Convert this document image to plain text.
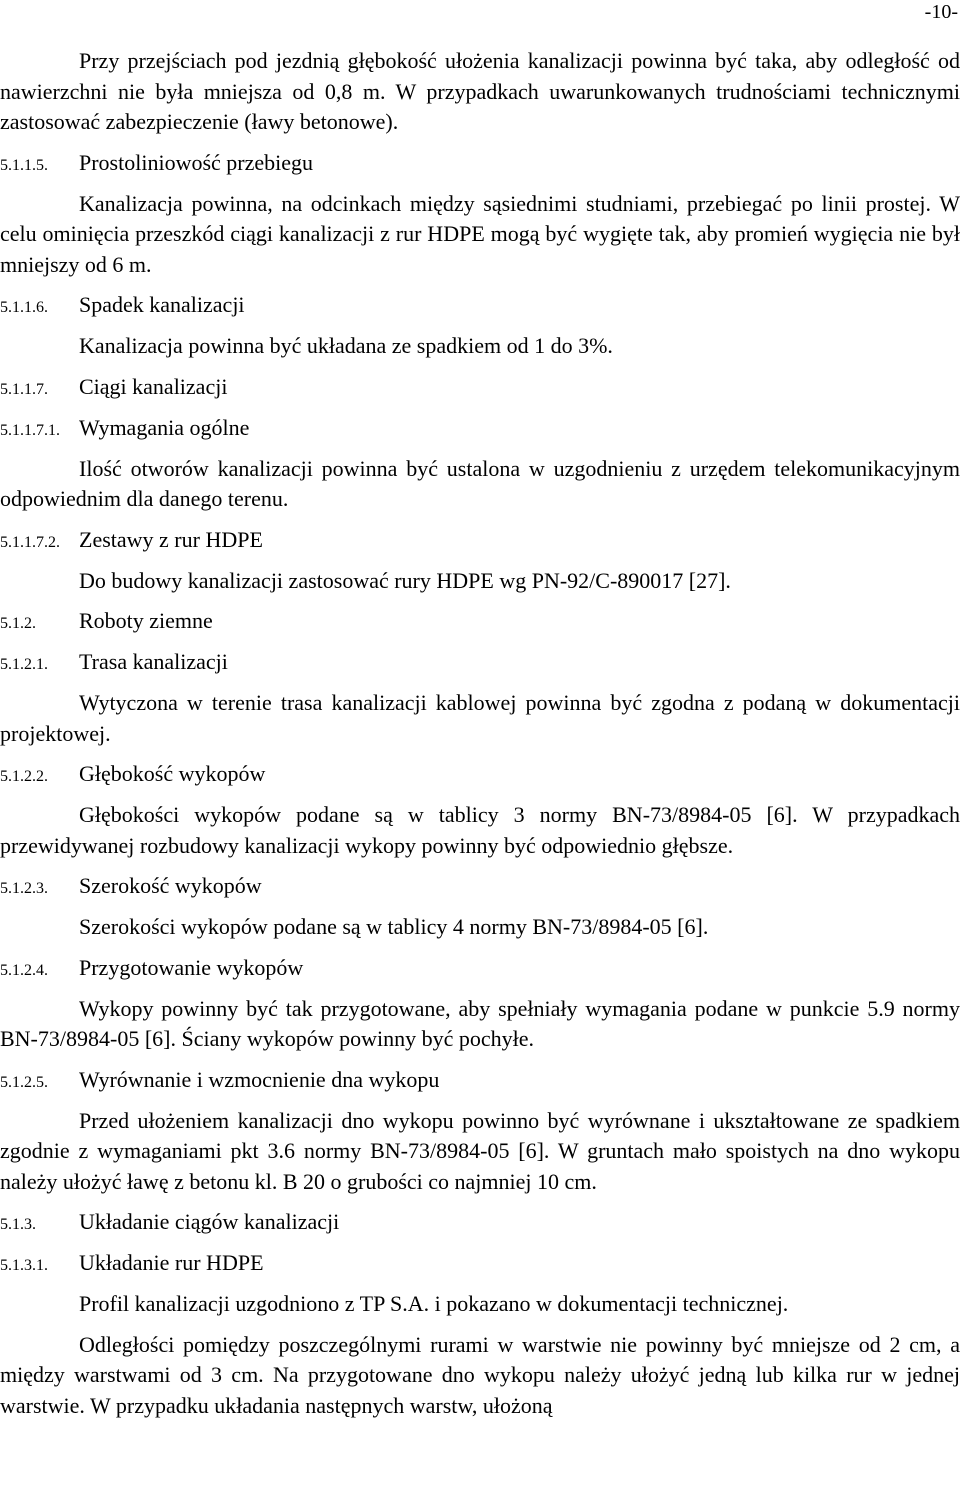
-10-

Przy przejściach pod jezdnią głębokość ułożenia kanalizacji powinna być taka, aby odległość od nawierzchni nie była mniejsza od 0,8 m. W przypadkach uwarunkowanych trudnościami technicznymi zastosować zabezpieczenie (ławy betonowe).

5.1.1.5. Prostoliniowość przebiegu

Kanalizacja powinna, na odcinkach między sąsiednimi studniami, przebiegać po linii prostej. W celu ominięcia przeszkód ciągi kanalizacji z rur HDPE mogą być wygięte tak, aby promień wygięcia nie był mniejszy od 6 m.

5.1.1.6. Spadek kanalizacji

Kanalizacja powinna być układana ze spadkiem od 1 do 3%.

5.1.1.7. Ciągi kanalizacji
5.1.1.7.1. Wymagania ogólne

Ilość otworów kanalizacji powinna być ustalona w uzgodnieniu z urzędem telekomunikacyjnym odpowiednim dla danego terenu.

5.1.1.7.2. Zestawy z rur HDPE

Do budowy kanalizacji zastosować rury HDPE wg PN-92/C-890017 [27].

5.1.2. Roboty ziemne
5.1.2.1. Trasa kanalizacji

Wytyczona w terenie trasa kanalizacji kablowej powinna być zgodna z podaną w dokumentacji projektowej.

5.1.2.2. Głębokość wykopów

Głębokości wykopów podane są w tablicy 3 normy BN-73/8984-05 [6]. W przypadkach przewidywanej rozbudowy kanalizacji wykopy powinny być odpowiednio głębsze.

5.1.2.3. Szerokość wykopów

Szerokości wykopów podane są w tablicy 4 normy BN-73/8984-05 [6].

5.1.2.4. Przygotowanie wykopów

Wykopy powinny być tak przygotowane, aby spełniały wymagania podane w punkcie 5.9 normy BN-73/8984-05 [6]. Ściany wykopów powinny być pochyłe.

5.1.2.5. Wyrównanie i wzmocnienie dna wykopu

Przed ułożeniem kanalizacji dno wykopu powinno być wyrównane i ukształtowane ze spadkiem zgodnie z wymaganiami pkt 3.6 normy BN-73/8984-05 [6]. W gruntach mało spoistych na dno wykopu należy ułożyć ławę z betonu kl. B 20 o grubości co najmniej 10 cm.

5.1.3. Układanie ciągów kanalizacji
5.1.3.1. Układanie rur HDPE

Profil kanalizacji uzgodniono z TP S.A. i pokazano w dokumentacji technicznej.

Odległości pomiędzy poszczególnymi rurami w warstwie nie powinny być mniejsze od 2 cm, a między warstwami od 3 cm. Na przygotowane dno wykopu należy ułożyć jedną lub kilka rur w jednej warstwie. W przypadku układania następnych warstw, ułożoną
